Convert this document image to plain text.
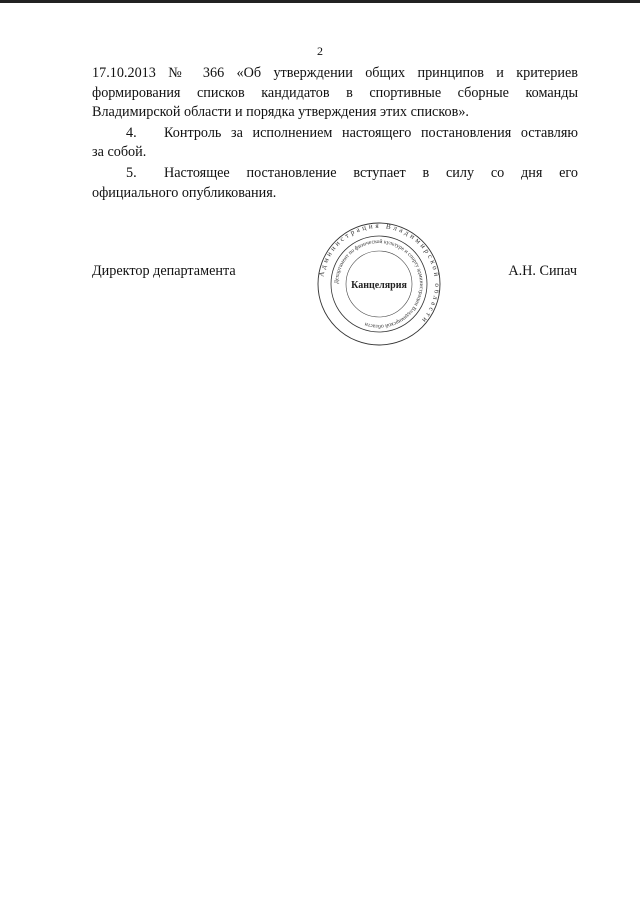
2
17.10.2013 № 366 «Об утверждении общих принципов и критериев
формирования списков кандидатов в спортивные сборные команды
Владимирской области и порядка утверждения этих списков».
4. Контроль за исполнением настоящего постановления оставляю
за собой.
5. Настоящее постановление вступает в силу со дня его
официального опубликования.
Директор департамента	А.Н. Сипач
Администрация Владимирской области
Департамент по физической культуре и спорту администрации Владимирской области
Канцелярия
